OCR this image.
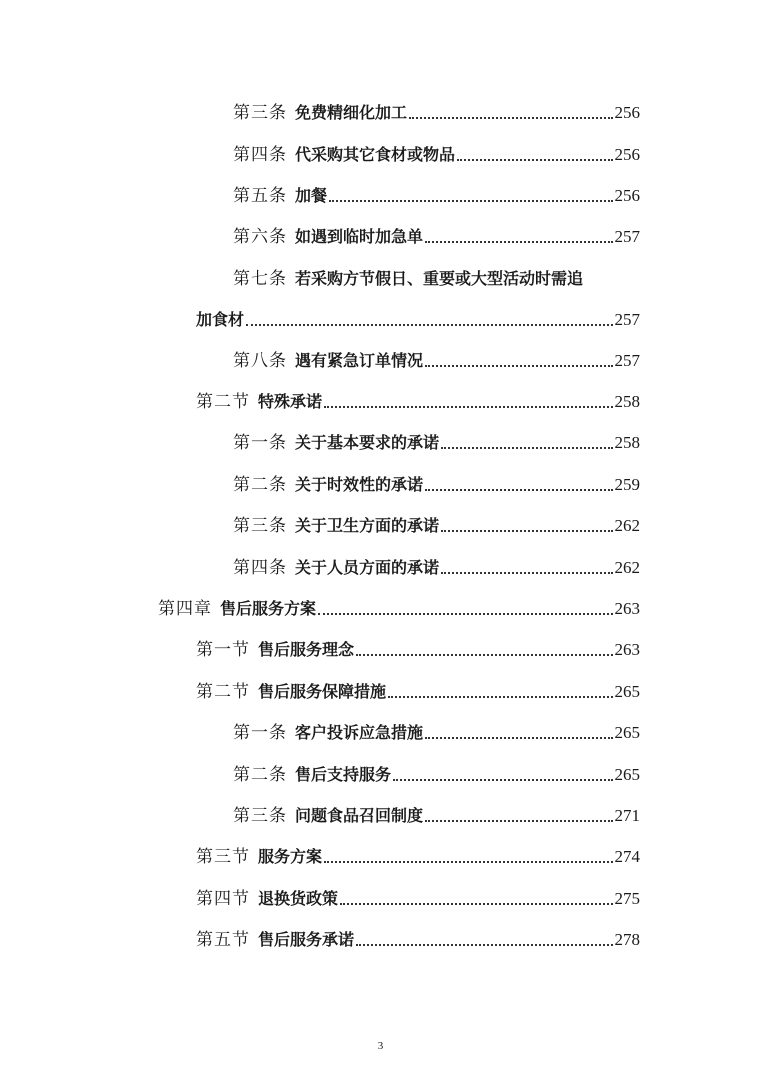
第三条 免费精细化加工	256
第四条 代采购其它食材或物品	256
第五条 加餐	256
第六条 如遇到临时加急单	257
第七条 若采购方节假日、重要或大型活动时需追
加食材	257
第八条 遇有紧急订单情况	257
第二节 特殊承诺	258
第一条 关于基本要求的承诺	258
第二条 关于时效性的承诺	259
第三条 关于卫生方面的承诺	262
第四条 关于人员方面的承诺	262
第四章 售后服务方案	263
第一节 售后服务理念	263
第二节 售后服务保障措施	265
第一条 客户投诉应急措施	265
第二条 售后支持服务	265
第三条 问题食品召回制度	271
第三节 服务方案	274
第四节 退换货政策	275
第五节 售后服务承诺	278
3
